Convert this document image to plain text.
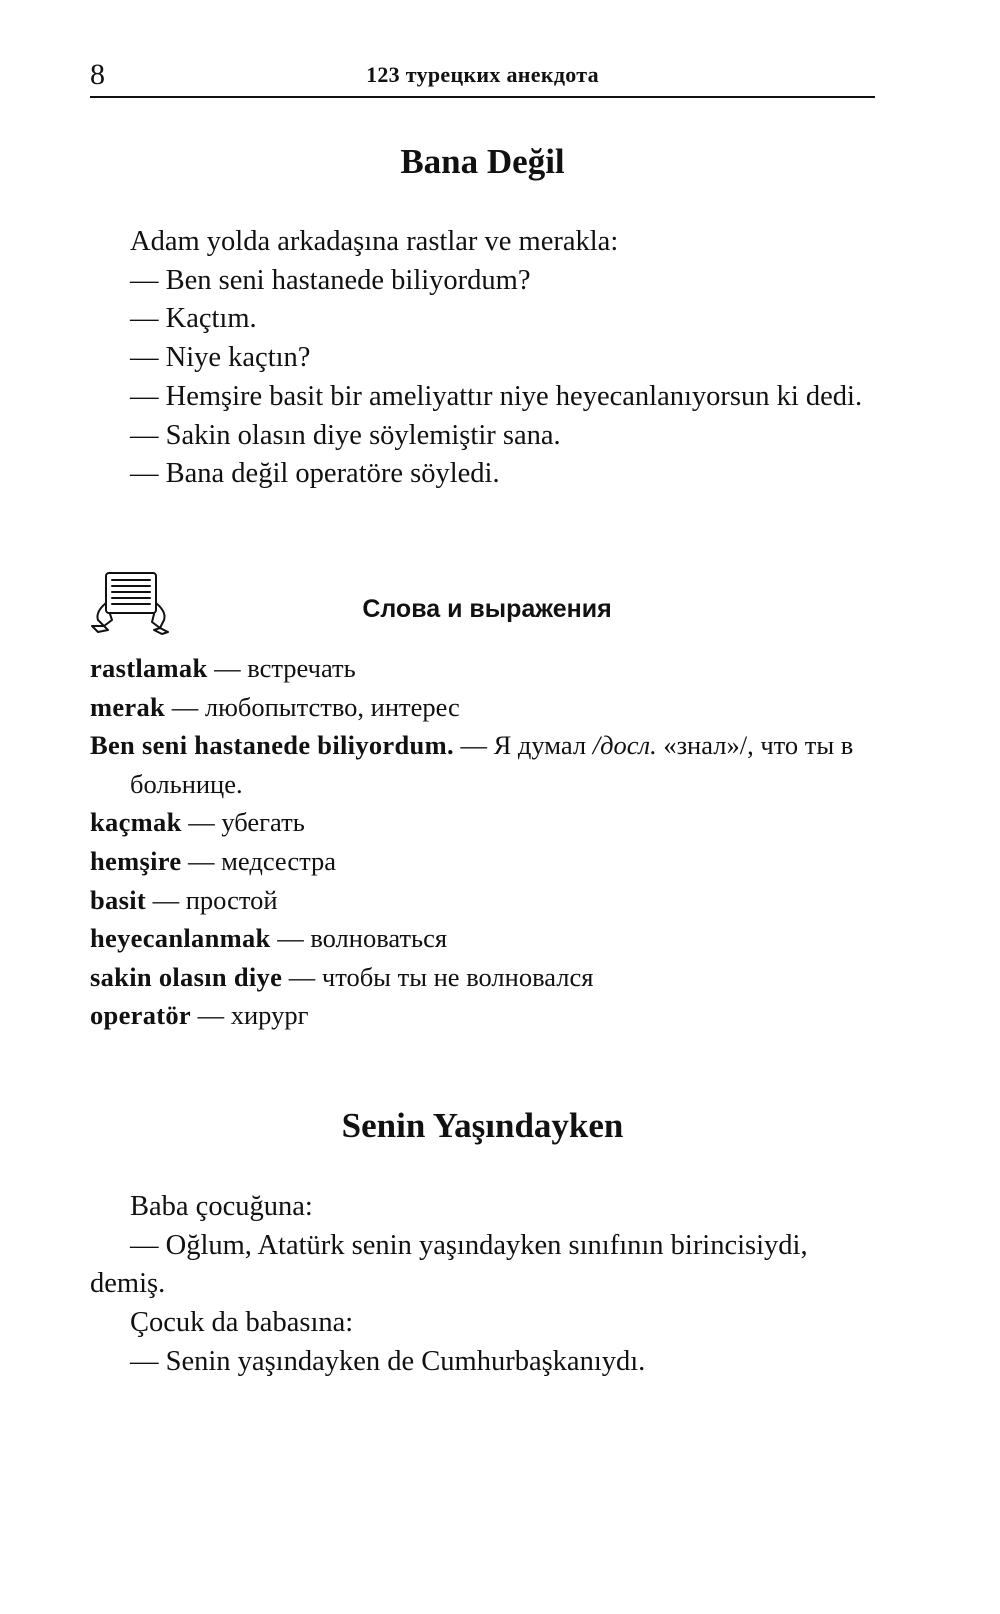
8	123 турецких анекдота
Bana Değil

Adam yolda arkadaşına rastlar ve merakla:

— Ben seni hastanede biliyordum?

— Kaçtım.

— Niye kaçtın?

— Hemşire basit bir ameliyattır niye heyecanlanıyorsun ki dedi.

— Sakin olasın diye söylemiştir sana.

— Bana değil operatöre söyledi.

Слова и выражения
rastlamak — встречать
merak — любопытство, интерес
Ben seni hastanede biliyordum. — Я думал /досл. «знал»/, что ты в больнице.
kaçmak — убегать
hemşire — медсестра
basit — простой
heyecanlanmak — волноваться
sakin olasın diye — чтобы ты не волновался
operatör — хирург
Senin Yaşındayken

Baba çocuğuna:

— Oğlum, Atatürk senin yaşındayken sınıfının birincisiydi, demiş.

Çocuk da babasına:

— Senin yaşındayken de Cumhurbaşkanıydı.
